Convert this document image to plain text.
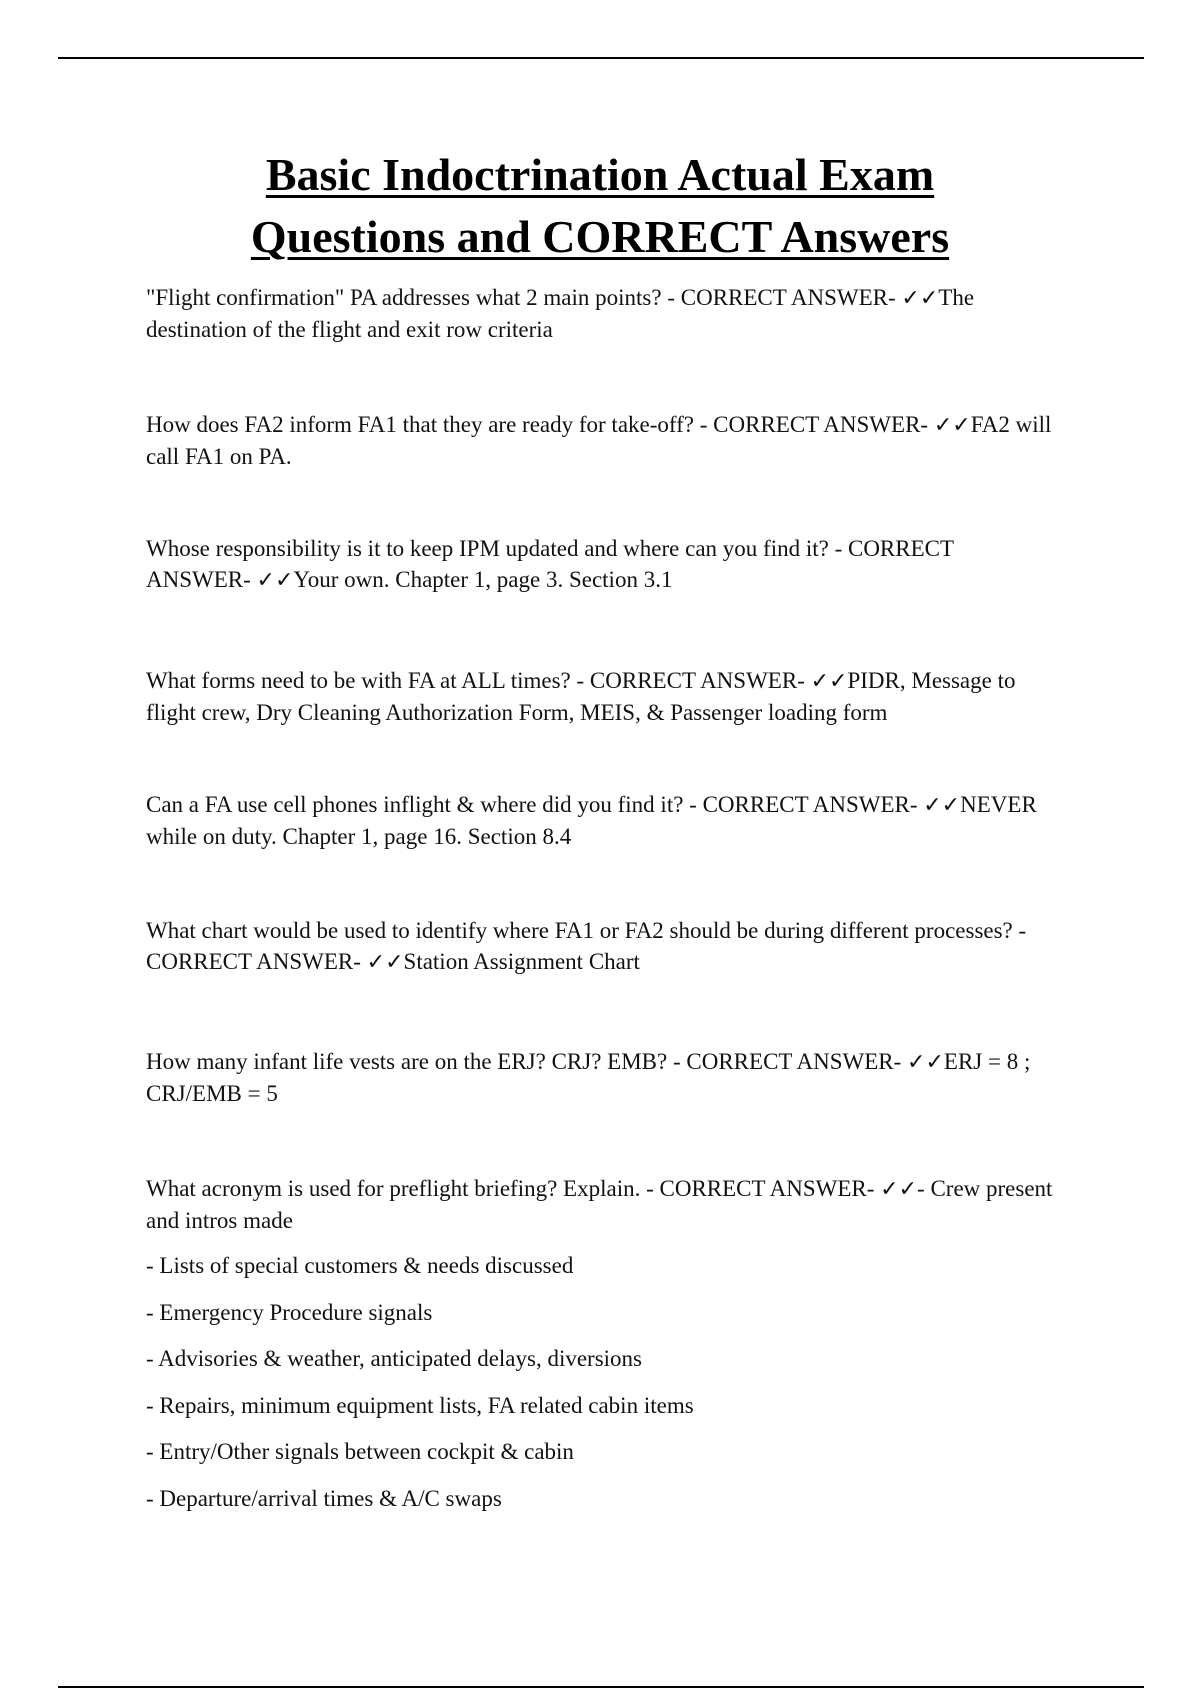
Basic Indoctrination Actual Exam
Questions and CORRECT Answers

"Flight confirmation" PA addresses what 2 main points? - CORRECT ANSWER- ✓✓The destination of the flight and exit row criteria

How does FA2 inform FA1 that they are ready for take-off? - CORRECT ANSWER- ✓✓FA2 will call FA1 on PA.

Whose responsibility is it to keep IPM updated and where can you find it? - CORRECT ANSWER- ✓✓Your own. Chapter 1, page 3. Section 3.1

What forms need to be with FA at ALL times? - CORRECT ANSWER- ✓✓PIDR, Message to flight crew, Dry Cleaning Authorization Form, MEIS, & Passenger loading form

Can a FA use cell phones inflight & where did you find it? - CORRECT ANSWER- ✓✓NEVER while on duty. Chapter 1, page 16. Section 8.4

What chart would be used to identify where FA1 or FA2 should be during different processes? - CORRECT ANSWER- ✓✓Station Assignment Chart

How many infant life vests are on the ERJ? CRJ? EMB? - CORRECT ANSWER- ✓✓ERJ = 8 ; CRJ/EMB = 5

What acronym is used for preflight briefing? Explain. - CORRECT ANSWER- ✓✓- Crew present and intros made

- Lists of special customers & needs discussed
- Emergency Procedure signals
- Advisories & weather, anticipated delays, diversions
- Repairs, minimum equipment lists, FA related cabin items
- Entry/Other signals between cockpit & cabin
- Departure/arrival times & A/C swaps
